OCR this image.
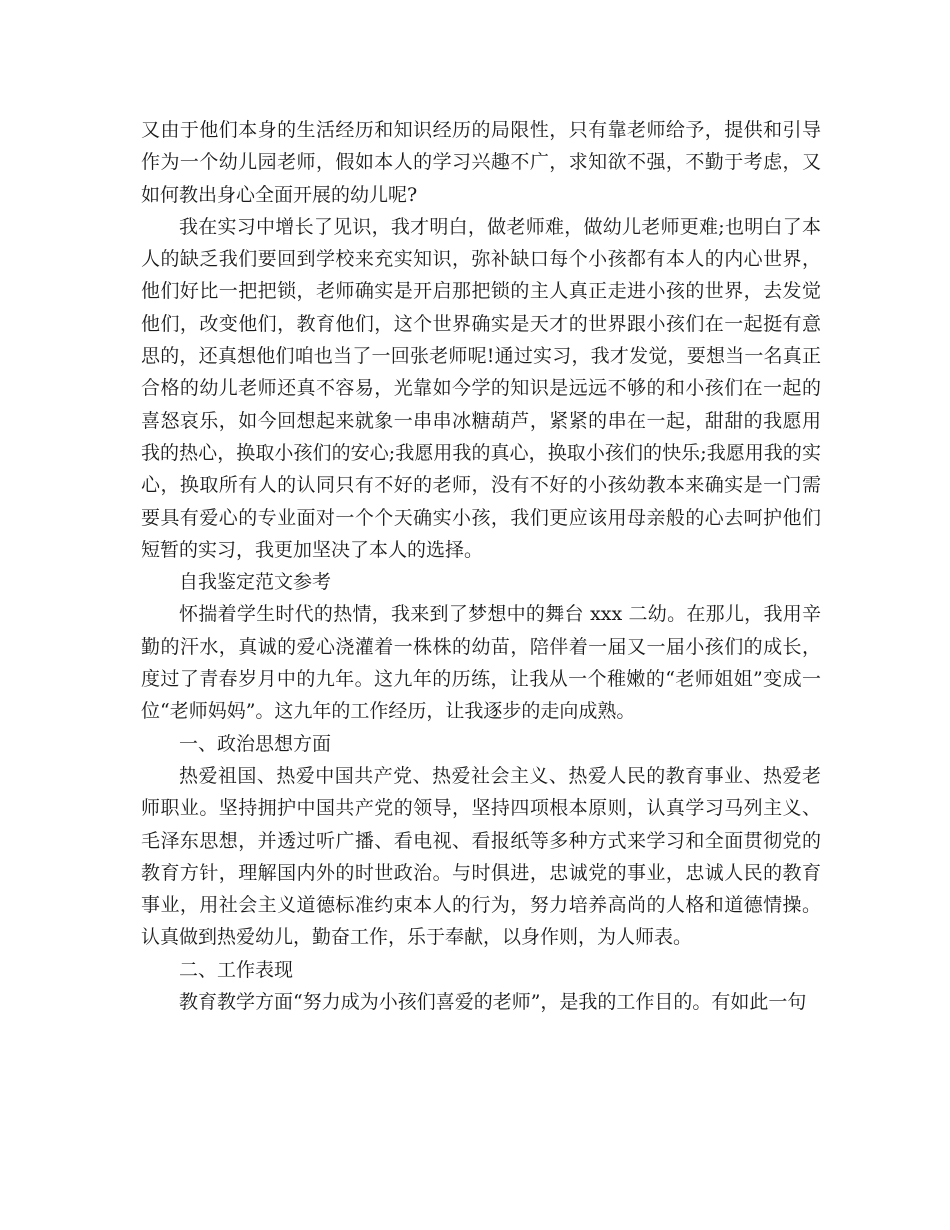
又由于他们本身的生活经历和知识经历的局限性，只有靠老师给予，提供和引导作为一个幼儿园老师，假如本人的学习兴趣不广，求知欲不强，不勤于考虑，又如何教出身心全面开展的幼儿呢?

我在实习中增长了见识，我才明白，做老师难，做幼儿老师更难;也明白了本人的缺乏我们要回到学校来充实知识，弥补缺口每个小孩都有本人的内心世界，他们好比一把把锁，老师确实是开启那把锁的主人真正走进小孩的世界，去发觉他们，改变他们，教育他们，这个世界确实是天才的世界跟小孩们在一起挺有意思的，还真想他们咱也当了一回张老师呢!通过实习，我才发觉，要想当一名真正合格的幼儿老师还真不容易，光靠如今学的知识是远远不够的和小孩们在一起的喜怒哀乐，如今回想起来就象一串串冰糖葫芦，紧紧的串在一起，甜甜的我愿用我的热心，换取小孩们的安心;我愿用我的真心，换取小孩们的快乐;我愿用我的实心，换取所有人的认同只有不好的老师，没有不好的小孩幼教本来确实是一门需要具有爱心的专业面对一个个天确实小孩，我们更应该用母亲般的心去呵护他们短暂的实习，我更加坚决了本人的选择。

自我鉴定范文参考

怀揣着学生时代的热情，我来到了梦想中的舞台 xxx 二幼。在那儿，我用辛勤的汗水，真诚的爱心浇灌着一株株的幼苗，陪伴着一届又一届小孩们的成长，度过了青春岁月中的九年。这九年的历练，让我从一个稚嫩的“老师姐姐”变成一位“老师妈妈”。这九年的工作经历，让我逐步的走向成熟。

一、政治思想方面

热爱祖国、热爱中国共产党、热爱社会主义、热爱人民的教育事业、热爱老师职业。坚持拥护中国共产党的领导，坚持四项根本原则，认真学习马列主义、毛泽东思想，并透过听广播、看电视、看报纸等多种方式来学习和全面贯彻党的教育方针，理解国内外的时世政治。与时俱进，忠诚党的事业，忠诚人民的教育事业，用社会主义道德标准约束本人的行为，努力培养高尚的人格和道德情操。认真做到热爱幼儿，勤奋工作，乐于奉献，以身作则，为人师表。

二、工作表现

教育教学方面“努力成为小孩们喜爱的老师”，是我的工作目的。有如此一句
